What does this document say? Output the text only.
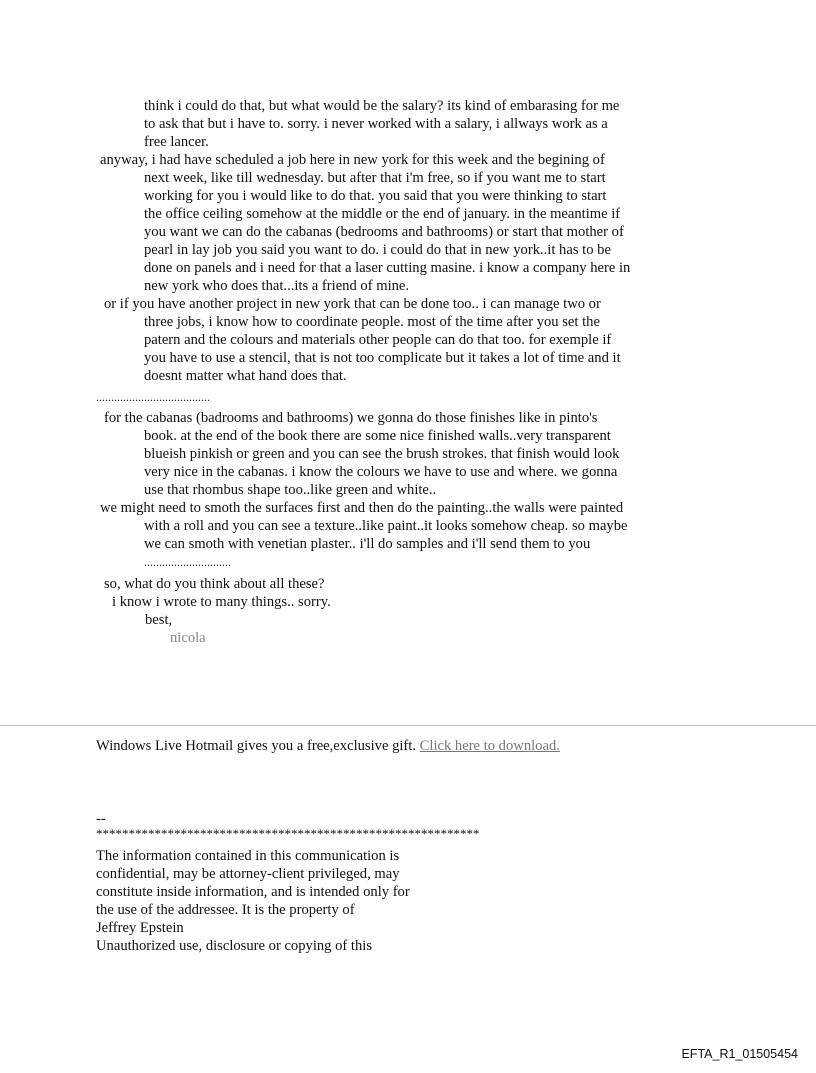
think i could do that, but what would be the salary? its kind of embarasing for me
to ask that but i have to. sorry. i never worked with a salary, i allways work as a
free lancer.
anyway, i had have scheduled a job here in new york for this week and the begining of
next week, like till wednesday. but after that i'm free, so if you want me to start
working for you i would like to do that. you said that you were thinking to start
the office ceiling somehow at the middle or the end of january. in the meantime if
you want we can do the cabanas (bedrooms and bathrooms) or start that mother of
pearl in lay job you said you want to do. i could do that in new york..it has to be
done on panels and i need for that a laser cutting masine. i know a company here in
new york who does that...its a friend of mine.
or if you have another project in new york that can be done too.. i can manage two or
three jobs, i know how to coordinate people. most of the time after you set the
patern and the colours and materials other people can do that too. for exemple if
you have to use a stencil, that is not too complicate but it takes a lot of time and it
doesnt matter what hand does that.
......................................
for the cabanas (badrooms and bathrooms) we gonna do those finishes like in pinto's
book. at the end of the book there are some nice finished walls..very transparent
blueish pinkish or green and you can see the brush strokes. that finish would look
very nice in the cabanas. i know the colours we have to use and where. we gonna
use that rhombus shape too..like green and white..
we might need to smoth the surfaces first and then do the painting..the walls were painted
with a roll and you can see a texture..like paint..it looks somehow cheap. so maybe
we can smoth with venetian plaster.. i'll do samples and i'll send them to you
.............................
so, what do you think about all these?
i know i wrote to many things.. sorry.
best,
nicola
Windows Live Hotmail gives you a free,exclusive gift. Click here to download.
--
***********************************************************
The information contained in this communication is
confidential, may be attorney-client privileged, may
constitute inside information, and is intended only for
the use of the addressee. It is the property of
Jeffrey Epstein
Unauthorized use, disclosure or copying of this
EFTA_R1_01505454
